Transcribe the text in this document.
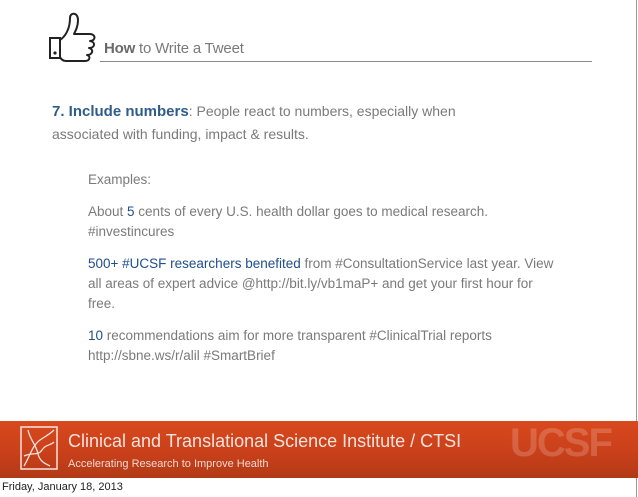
How to Write a Tweet
7. Include numbers: People react to numbers, especially when associated with funding, impact & results.

Examples:

About 5 cents of every U.S. health dollar goes to medical research. #investincures

500+ #UCSF researchers benefited from #ConsultationService last year. View all areas of expert advice @http://bit.ly/vb1maP+ and get your first hour for free.

10 recommendations aim for more transparent #ClinicalTrial reports http://sbne.ws/r/alil #SmartBrief

Clinical and Translational Science Institute / CTSI
Accelerating Research to Improve Health	UCSF
Friday, January 18, 2013
